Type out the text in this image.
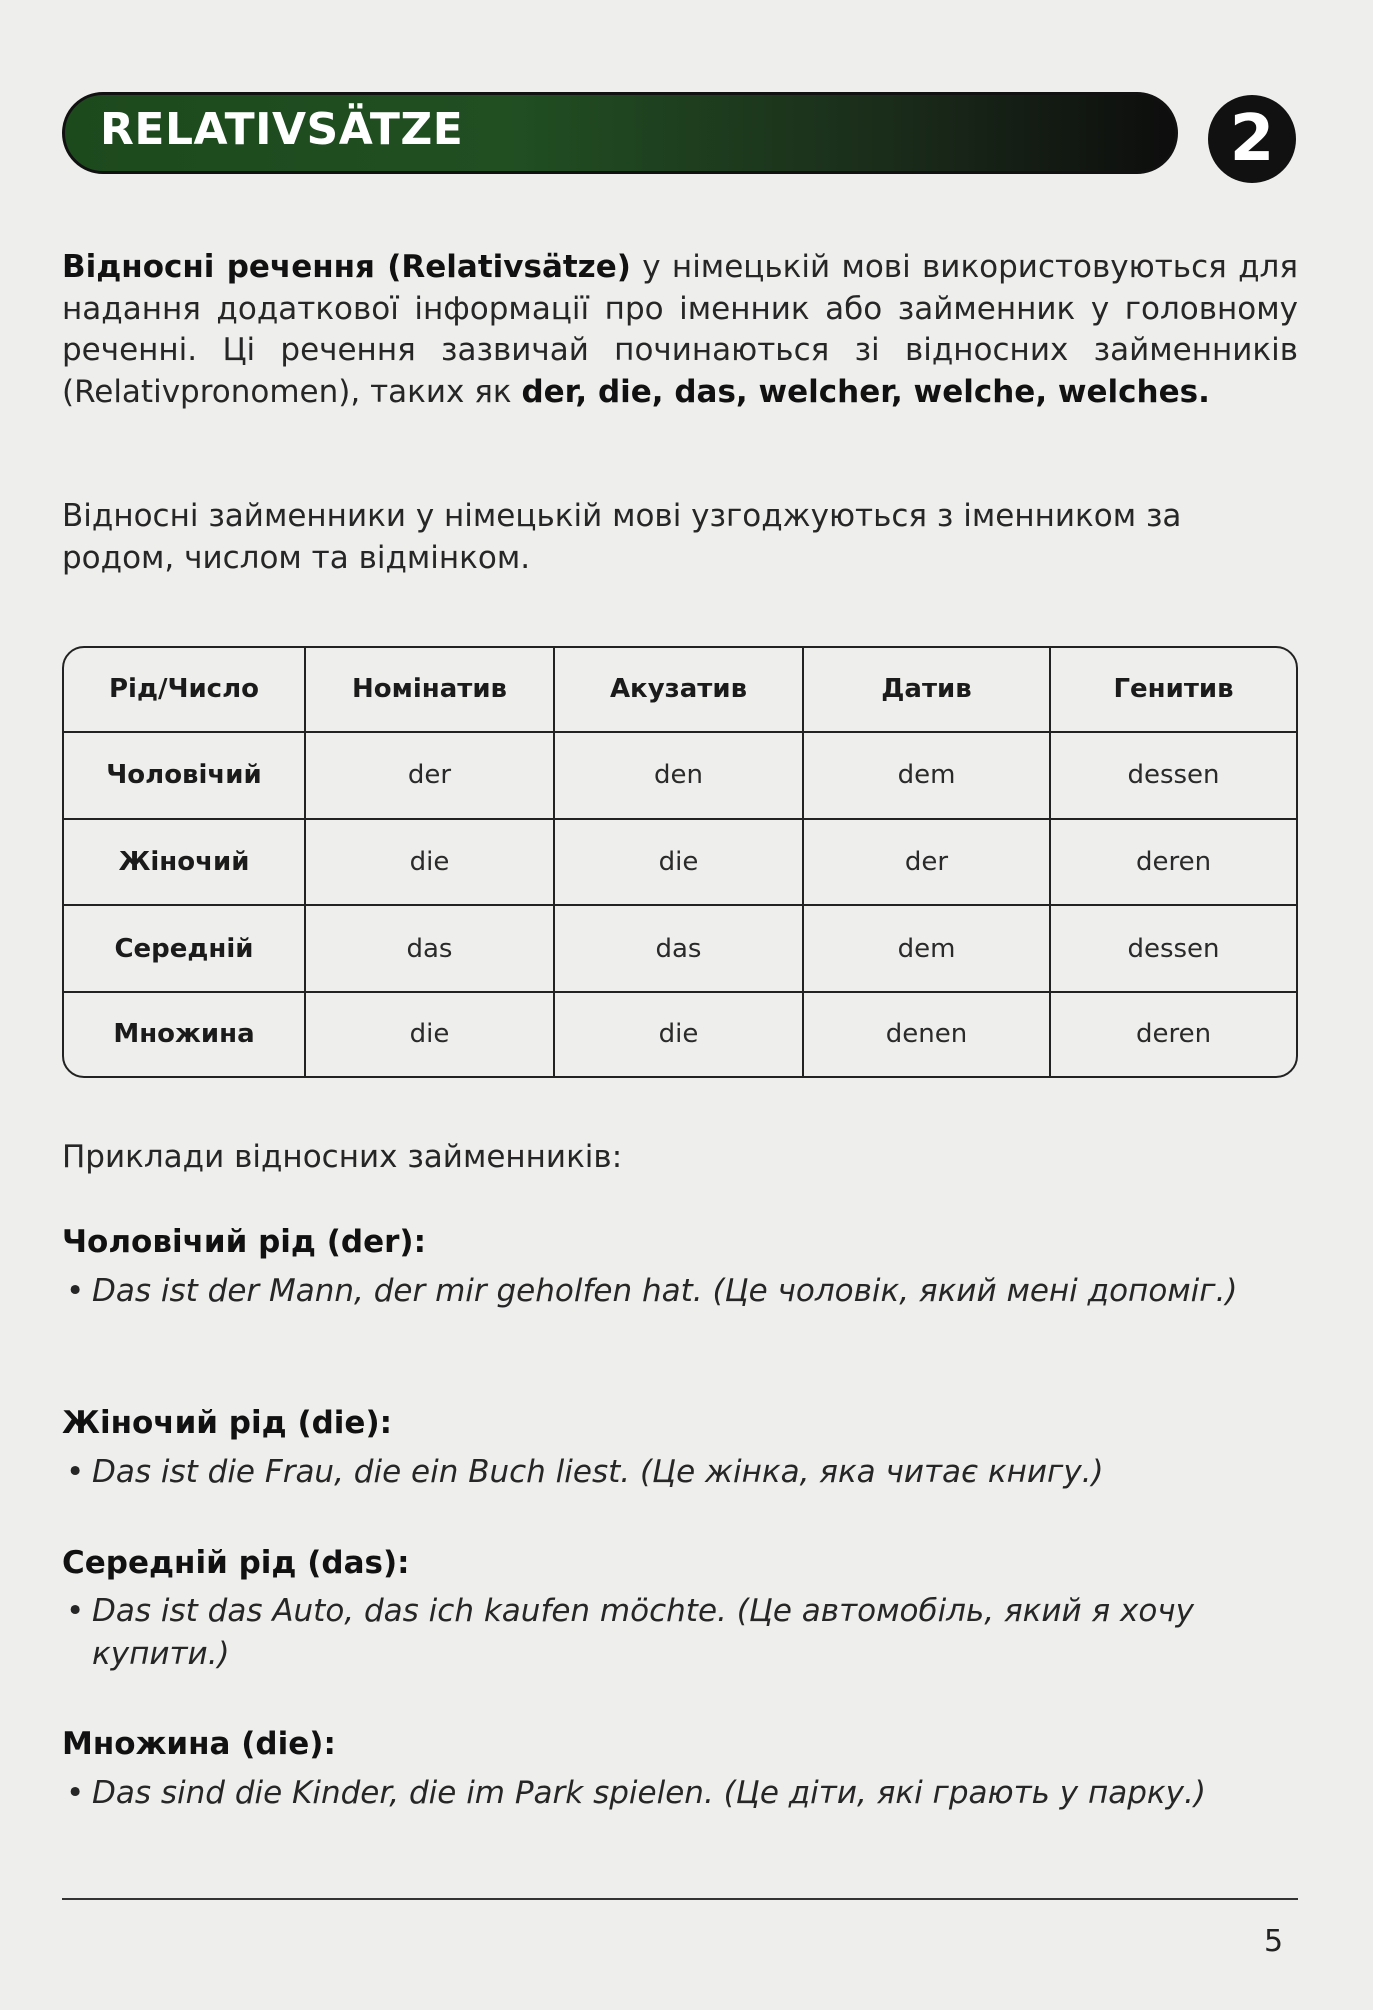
RELATIVSÄTZE	2

Відносні речення (Relativsätze) у німецькій мові використовуються для надання додаткової інформації про іменник або займенник у головному реченні. Ці речення зазвичай починаються зі відносних займенників (Relativpronomen), таких як der, die, das, welcher, welche, welches.

Відносні займенники у німецькій мові узгоджуються з іменником за родом, числом та відмінком.

Рід/Число	Номінатив	Акузатив	Датив	Генитив
Чоловічий	der	den	dem	dessen
Жіночий	die	die	der	deren
Середній	das	das	dem	dessen
Множина	die	die	denen	deren
Приклади відносних займенників:
Чоловічий рід (der):
• Das ist der Mann, der mir geholfen hat. (Це чоловік, який мені допоміг.)
Жіночий рід (die):
• Das ist die Frau, die ein Buch liest. (Це жінка, яка читає книгу.)
Середній рід (das):
• Das ist das Auto, das ich kaufen möchte. (Це автомобіль, який я хочу купити.)
Множина (die):
• Das sind die Kinder, die im Park spielen. (Це діти, які грають у парку.)
5
